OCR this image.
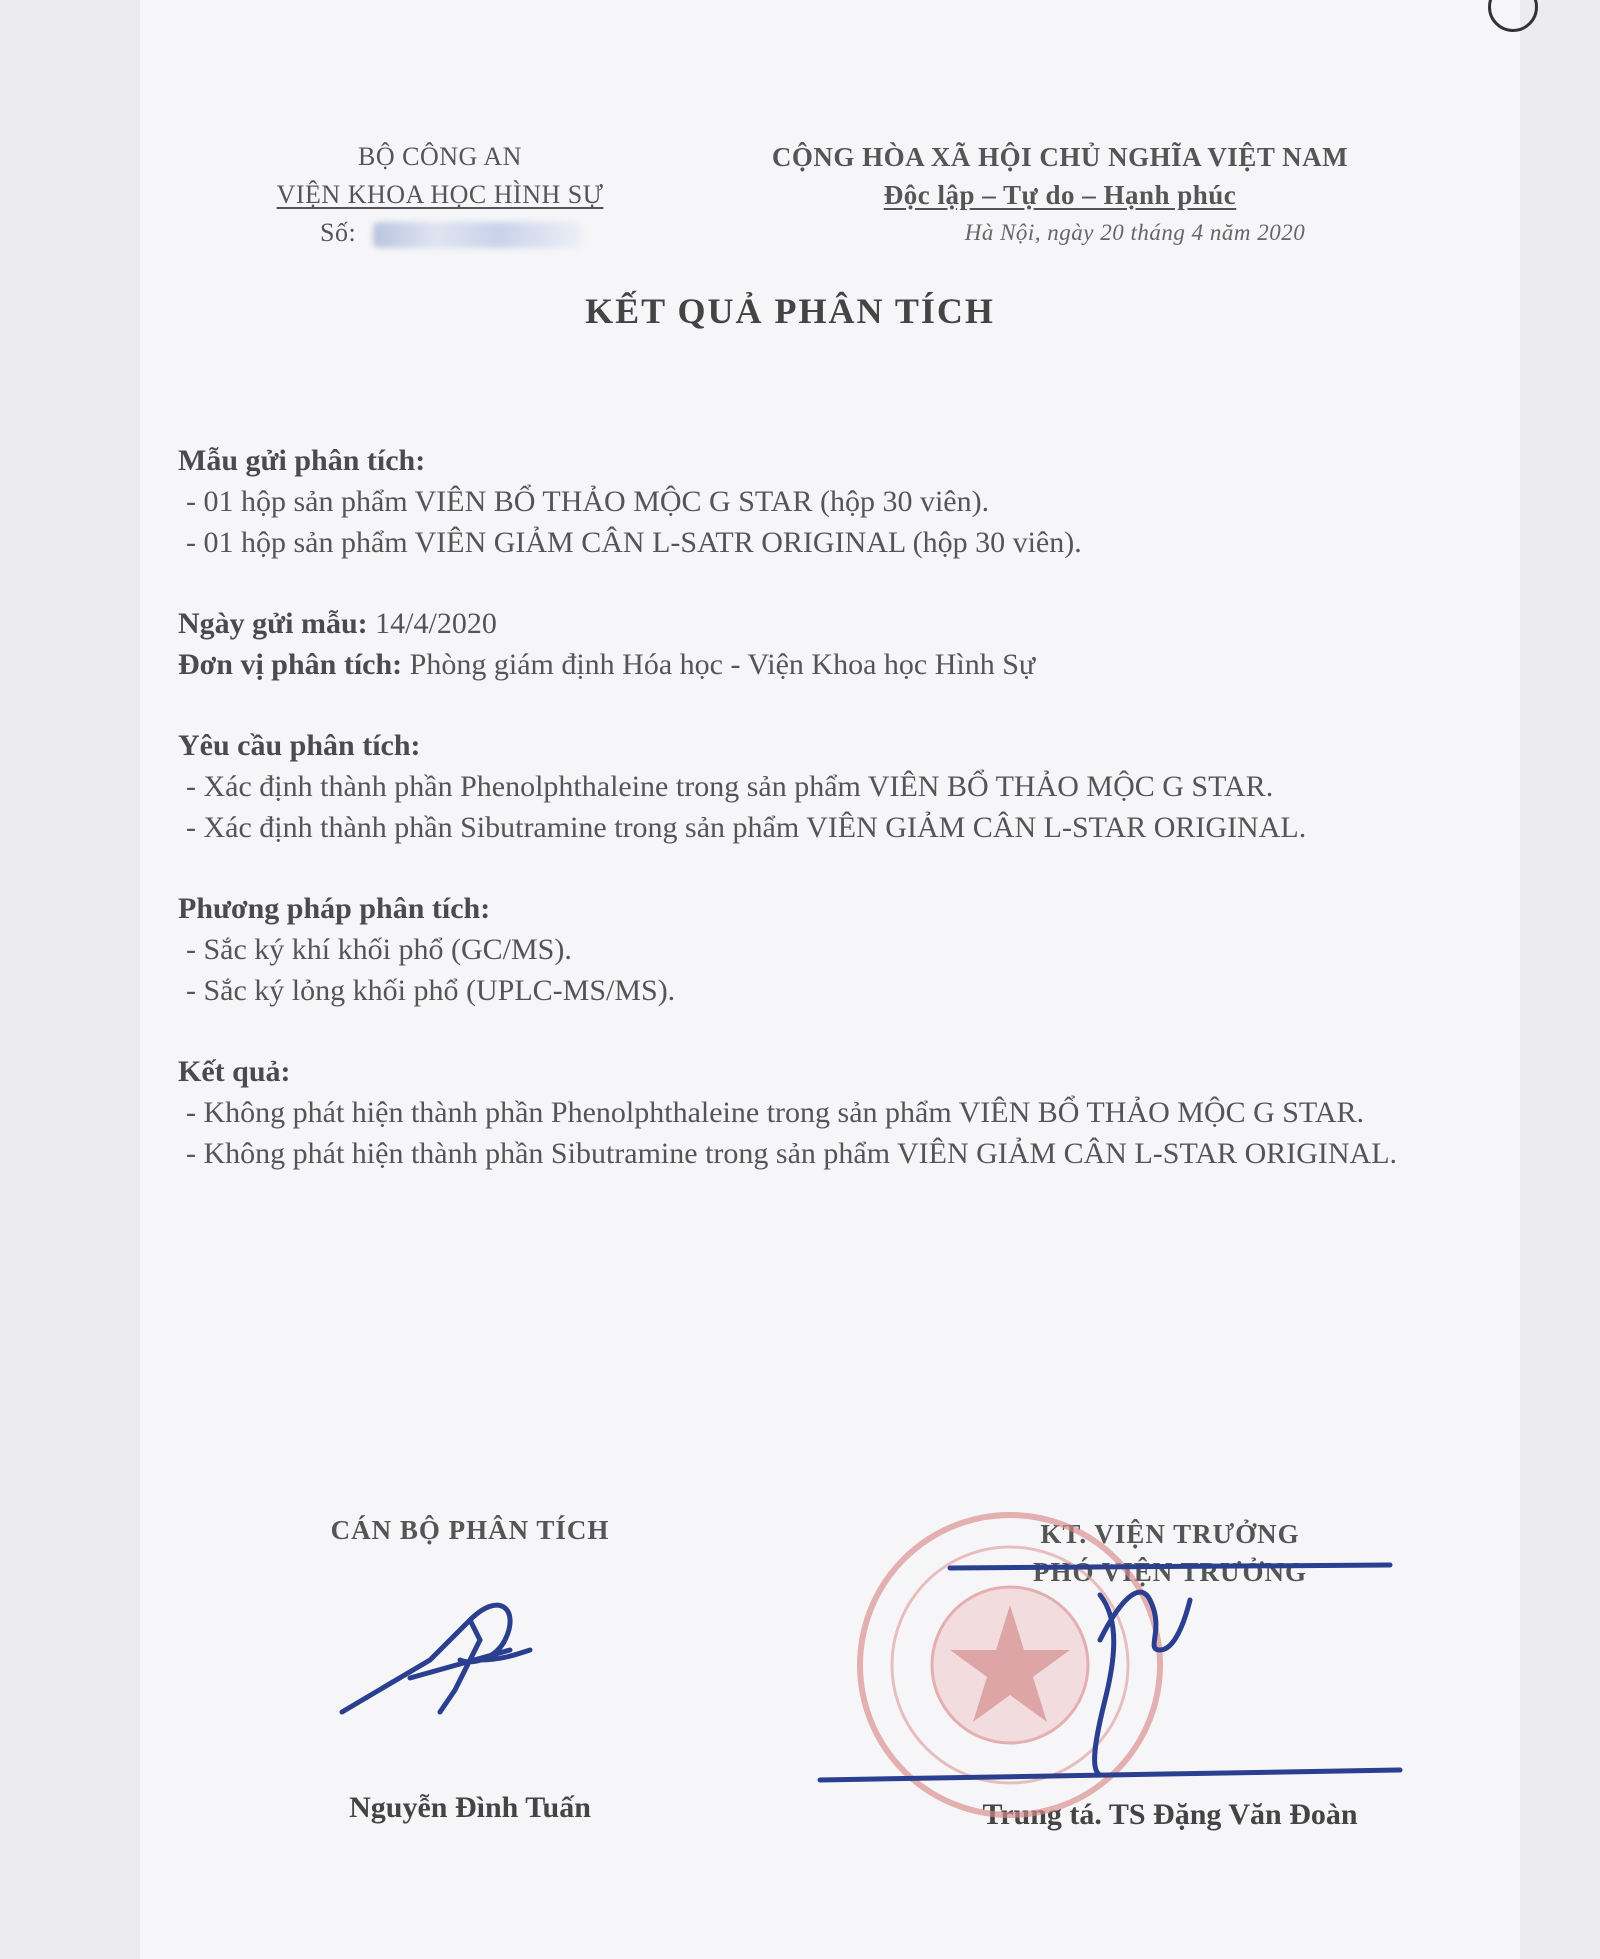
BỘ CÔNG AN
VIỆN KHOA HỌC HÌNH SỰ
Số:
CỘNG HÒA XÃ HỘI CHỦ NGHĨA VIỆT NAM
Độc lập – Tự do – Hạnh phúc
Hà Nội, ngày 20 tháng 4 năm 2020
KẾT QUẢ PHÂN TÍCH
Mẫu gửi phân tích:
- 01 hộp sản phẩm VIÊN BỔ THẢO MỘC G STAR (hộp 30 viên).
- 01 hộp sản phẩm VIÊN GIẢM CÂN L-SATR ORIGINAL (hộp 30 viên).
Ngày gửi mẫu: 14/4/2020
Đơn vị phân tích: Phòng giám định Hóa học - Viện Khoa học Hình Sự
Yêu cầu phân tích:
- Xác định thành phần Phenolphthaleine trong sản phẩm VIÊN BỔ THẢO MỘC G STAR.
- Xác định thành phần Sibutramine trong sản phẩm VIÊN GIẢM CÂN L-STAR ORIGINAL.
Phương pháp phân tích:
- Sắc ký khí khối phổ (GC/MS).
- Sắc ký lỏng khối phổ (UPLC-MS/MS).
Kết quả:
- Không phát hiện thành phần Phenolphthaleine trong sản phẩm VIÊN BỔ THẢO MỘC G STAR.
- Không phát hiện thành phần Sibutramine trong sản phẩm VIÊN GIẢM CÂN L-STAR ORIGINAL.
CÁN BỘ PHÂN TÍCH
Nguyễn Đình Tuấn
KT. VIỆN TRƯỞNG
PHÓ VIỆN TRƯỞNG
Trung tá. TS Đặng Văn Đoàn
